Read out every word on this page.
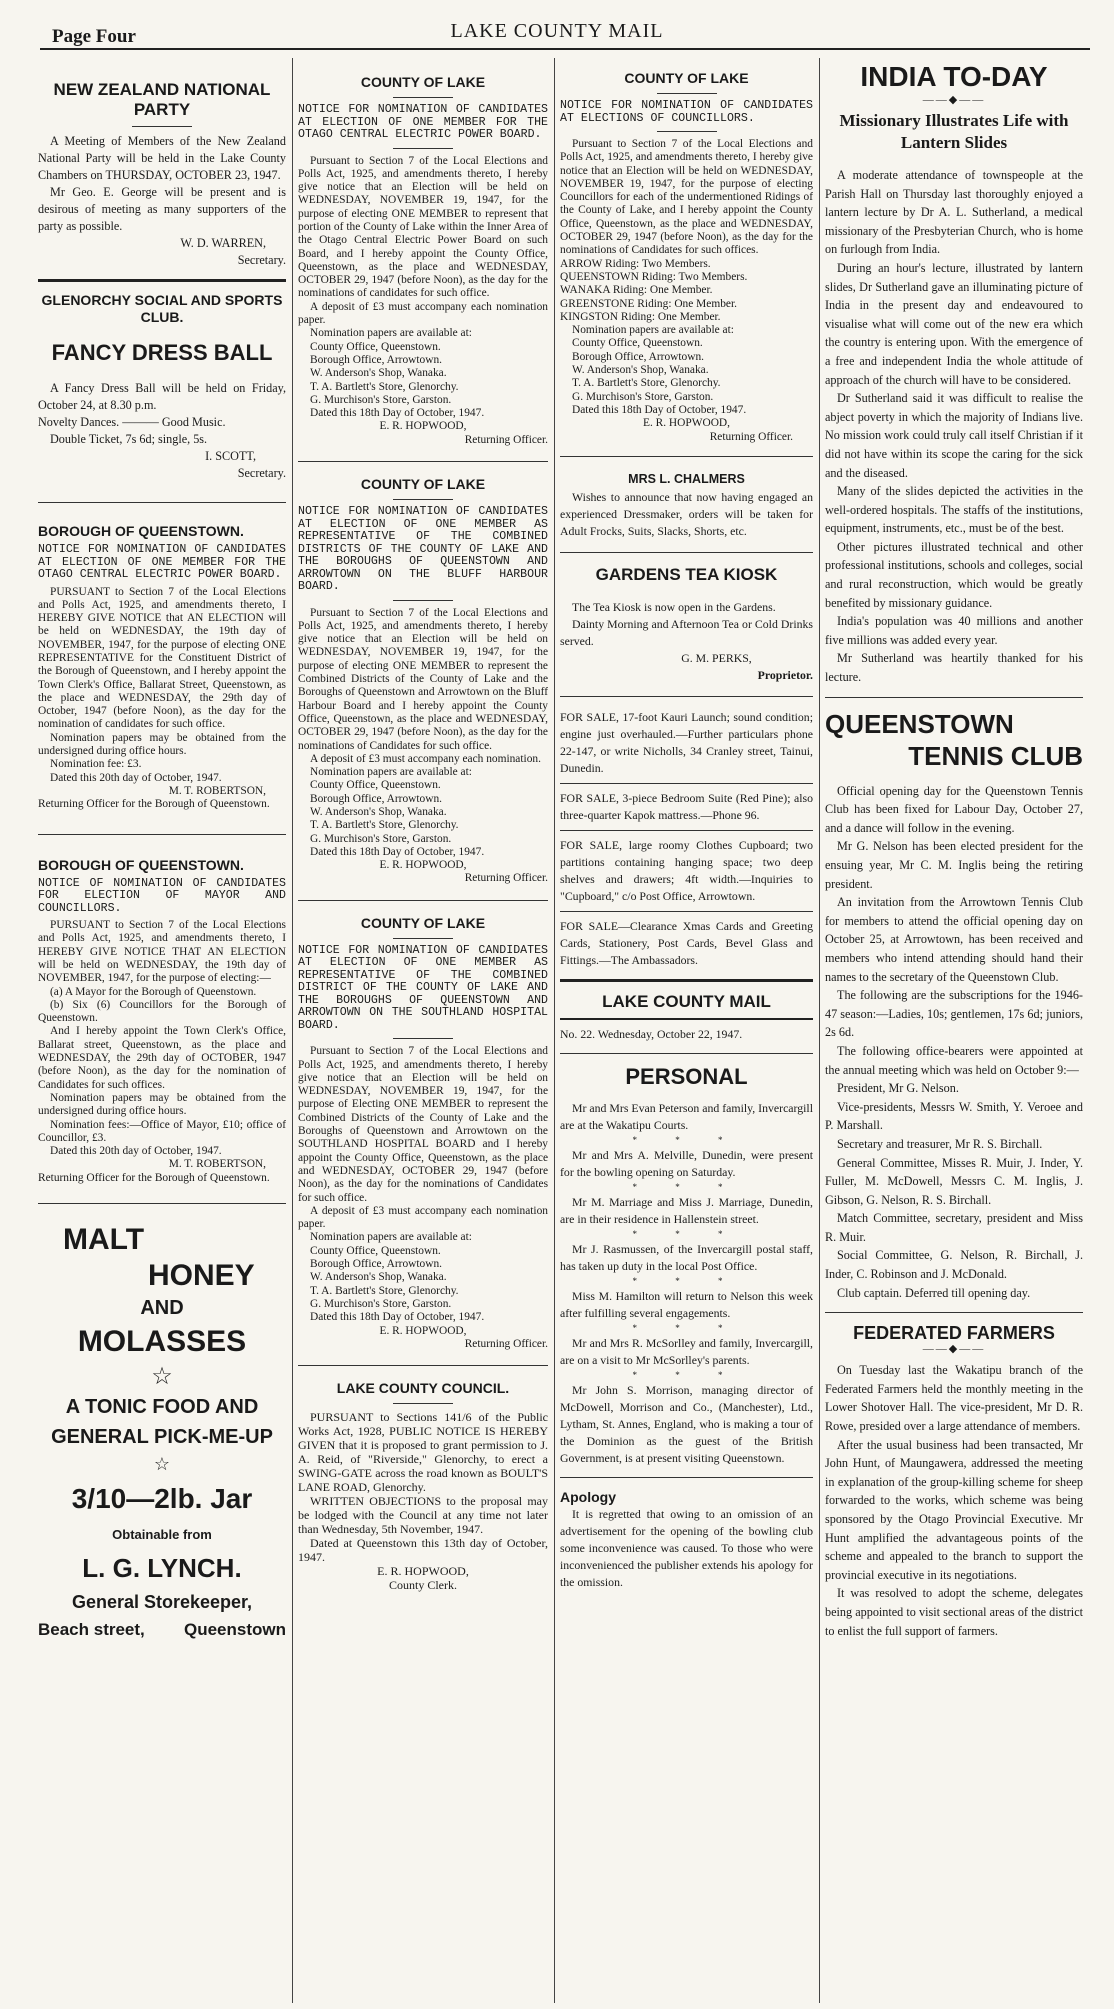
Page Four	LAKE COUNTY MAIL
NEW ZEALAND NATIONAL PARTY

A Meeting of Members of the New Zealand National Party will be held in the Lake County Chambers on THURSDAY, OCTOBER 23, 1947.

Mr Geo. E. George will be present and is desirous of meeting as many supporters of the party as possible.

W. D. WARREN,

Secretary.

GLENORCHY SOCIAL AND SPORTS CLUB.
FANCY DRESS BALL

A Fancy Dress Ball will be held on Friday, October 24, at 8.30 p.m.

Novelty Dances. ——— Good Music.

Double Ticket, 7s 6d; single, 5s.

I. SCOTT,

Secretary.

BOROUGH OF QUEENSTOWN.
NOTICE FOR NOMINATION OF CANDIDATES AT ELECTION OF ONE MEMBER FOR THE OTAGO CENTRAL ELECTRIC POWER BOARD.

PURSUANT to Section 7 of the Local Elections and Polls Act, 1925, and amendments thereto, I HEREBY GIVE NOTICE that AN ELECTION will be held on WEDNESDAY, the 19th day of NOVEMBER, 1947, for the purpose of electing ONE REPRESENTATIVE for the Constituent District of the Borough of Queenstown, and I hereby appoint the Town Clerk's Office, Ballarat Street, Queenstown, as the place and WEDNESDAY, the 29th day of October, 1947 (before Noon), as the day for the nomination of candidates for such office.

Nomination papers may be obtained from the undersigned during office hours.

Nomination fee: £3.

Dated this 20th day of October, 1947.

M. T. ROBERTSON,

Returning Officer for the Borough of Queenstown.

BOROUGH OF QUEENSTOWN.
NOTICE OF NOMINATION OF CANDIDATES FOR ELECTION OF MAYOR AND COUNCILLORS.

PURSUANT to Section 7 of the Local Elections and Polls Act, 1925, and amendments thereto, I HEREBY GIVE NOTICE THAT AN ELECTION will be held on WEDNESDAY, the 19th day of NOVEMBER, 1947, for the purpose of electing:—

(a) A Mayor for the Borough of Queenstown.

(b) Six (6) Councillors for the Borough of Queenstown.

And I hereby appoint the Town Clerk's Office, Ballarat street, Queenstown, as the place and WEDNESDAY, the 29th day of OCTOBER, 1947 (before Noon), as the day for the nomination of Candidates for such offices.

Nomination papers may be obtained from the undersigned during office hours.

Nomination fees:—Office of Mayor, £10; office of Councillor, £3.

Dated this 20th day of October, 1947.

M. T. ROBERTSON,

Returning Officer for the Borough of Queenstown.

MALT
HONEY
AND
MOLASSES
☆
A TONIC FOOD AND
GENERAL PICK-ME-UP
☆
3/10—2lb. Jar
Obtainable from
L. G. LYNCH.
General Storekeeper,
Beach street, Queenstown
COUNTY OF LAKE
NOTICE FOR NOMINATION OF CANDIDATES AT ELECTION OF ONE MEMBER FOR THE OTAGO CENTRAL ELECTRIC POWER BOARD.

Pursuant to Section 7 of the Local Elections and Polls Act, 1925, and amendments thereto, I hereby give notice that an Election will be held on WEDNESDAY, NOVEMBER 19, 1947, for the purpose of electing ONE MEMBER to represent that portion of the County of Lake within the Inner Area of the Otago Central Electric Power Board on such Board, and I hereby appoint the County Office, Queenstown, as the place and WEDNESDAY, OCTOBER 29, 1947 (before Noon), as the day for the nominations of candidates for such office.

A deposit of £3 must accompany each nomination paper.

Nomination papers are available at:

County Office, Queenstown.

Borough Office, Arrowtown.

W. Anderson's Shop, Wanaka.

T. A. Bartlett's Store, Glenorchy.

G. Murchison's Store, Garston.

Dated this 18th Day of October, 1947.

E. R. HOPWOOD,

Returning Officer.

COUNTY OF LAKE
NOTICE FOR NOMINATION OF CANDIDATES AT ELECTION OF ONE MEMBER AS REPRESENTATIVE OF THE COMBINED DISTRICTS OF THE COUNTY OF LAKE AND THE BOROUGHS OF QUEENSTOWN AND ARROWTOWN ON THE BLUFF HARBOUR BOARD.

Pursuant to Section 7 of the Local Elections and Polls Act, 1925, and amendments thereto, I hereby give notice that an Election will be held on WEDNESDAY, NOVEMBER 19, 1947, for the purpose of electing ONE MEMBER to represent the Combined Districts of the County of Lake and the Boroughs of Queenstown and Arrowtown on the Bluff Harbour Board and I hereby appoint the County Office, Queenstown, as the place and WEDNESDAY, OCTOBER 29, 1947 (before Noon), as the day for the nominations of Candidates for such office.

A deposit of £3 must accompany each nomination.

Nomination papers are available at:

County Office, Queenstown.

Borough Office, Arrowtown.

W. Anderson's Shop, Wanaka.

T. A. Bartlett's Store, Glenorchy.

G. Murchison's Store, Garston.

Dated this 18th Day of October, 1947.

E. R. HOPWOOD,

Returning Officer.

COUNTY OF LAKE
NOTICE FOR NOMINATION OF CANDIDATES AT ELECTION OF ONE MEMBER AS REPRESENTATIVE OF THE COMBINED DISTRICT OF THE COUNTY OF LAKE AND THE BOROUGHS OF QUEENSTOWN AND ARROWTOWN ON THE SOUTHLAND HOSPITAL BOARD.

Pursuant to Section 7 of the Local Elections and Polls Act, 1925, and amendments thereto, I hereby give notice that an Election will be held on WEDNESDAY, NOVEMBER 19, 1947, for the purpose of Electing ONE MEMBER to represent the Combined Districts of the County of Lake and the Boroughs of Queenstown and Arrowtown on the SOUTHLAND HOSPITAL BOARD and I hereby appoint the County Office, Queenstown, as the place and WEDNESDAY, OCTOBER 29, 1947 (before Noon), as the day for the nominations of Candidates for such office.

A deposit of £3 must accompany each nomination paper.

Nomination papers are available at:

County Office, Queenstown.

Borough Office, Arrowtown.

W. Anderson's Shop, Wanaka.

T. A. Bartlett's Store, Glenorchy.

G. Murchison's Store, Garston.

Dated this 18th Day of October, 1947.

E. R. HOPWOOD,

Returning Officer.

LAKE COUNTY COUNCIL.

PURSUANT to Sections 141/6 of the Public Works Act, 1928, PUBLIC NOTICE IS HEREBY GIVEN that it is proposed to grant permission to J. A. Reid, of "Riverside," Glenorchy, to erect a SWING-GATE across the road known as BOULT'S LANE ROAD, Glenorchy.

WRITTEN OBJECTIONS to the proposal may be lodged with the Council at any time not later than Wednesday, 5th November, 1947.

Dated at Queenstown this 13th day of October, 1947.

E. R. HOPWOOD,

County Clerk.

COUNTY OF LAKE
NOTICE FOR NOMINATION OF CANDIDATES AT ELECTIONS OF COUNCILLORS.

Pursuant to Section 7 of the Local Elections and Polls Act, 1925, and amendments thereto, I hereby give notice that an Election will be held on WEDNESDAY, NOVEMBER 19, 1947, for the purpose of electing Councillors for each of the undermentioned Ridings of the County of Lake, and I hereby appoint the County Office, Queenstown, as the place and WEDNESDAY, OCTOBER 29, 1947 (before Noon), as the day for the nominations of Candidates for such offices.

ARROW Riding: Two Members.

QUEENSTOWN Riding: Two Members.

WANAKA Riding: One Member.

GREENSTONE Riding: One Member.

KINGSTON Riding: One Member.

Nomination papers are available at:

County Office, Queenstown.

Borough Office, Arrowtown.

W. Anderson's Shop, Wanaka.

T. A. Bartlett's Store, Glenorchy.

G. Murchison's Store, Garston.

Dated this 18th Day of October, 1947.

E. R. HOPWOOD,

Returning Officer.

MRS L. CHALMERS

Wishes to announce that now having engaged an experienced Dressmaker, orders will be taken for Adult Frocks, Suits, Slacks, Shorts, etc.

GARDENS TEA KIOSK

The Tea Kiosk is now open in the Gardens.

Dainty Morning and Afternoon Tea or Cold Drinks served.

G. M. PERKS,

Proprietor.

FOR SALE, 17-foot Kauri Launch; sound condition; engine just overhauled.—Further particulars phone 22-147, or write Nicholls, 34 Cranley street, Tainui, Dunedin.

FOR SALE, 3-piece Bedroom Suite (Red Pine); also three-quarter Kapok mattress.—Phone 96.

FOR SALE, large roomy Clothes Cupboard; two partitions containing hanging space; two deep shelves and drawers; 4ft width.—Inquiries to "Cupboard," c/o Post Office, Arrowtown.

FOR SALE—Clearance Xmas Cards and Greeting Cards, Stationery, Post Cards, Bevel Glass and Fittings.—The Ambassadors.

LAKE COUNTY MAIL

No. 22. Wednesday, October 22, 1947.

PERSONAL

Mr and Mrs Evan Peterson and family, Invercargill are at the Wakatipu Courts.

* * *

Mr and Mrs A. Melville, Dunedin, were present for the bowling opening on Saturday.

* * *

Mr M. Marriage and Miss J. Marriage, Dunedin, are in their residence in Hallenstein street.

* * *

Mr J. Rasmussen, of the Invercargill postal staff, has taken up duty in the local Post Office.

* * *

Miss M. Hamilton will return to Nelson this week after fulfilling several engagements.

* * *

Mr and Mrs R. McSorlley and family, Invercargill, are on a visit to Mr McSorlley's parents.

* * *

Mr John S. Morrison, managing director of McDowell, Morrison and Co., (Manchester), Ltd., Lytham, St. Annes, England, who is making a tour of the Dominion as the guest of the British Government, is at present visiting Queenstown.

Apology

It is regretted that owing to an omission of an advertisement for the opening of the bowling club some inconvenience was caused. To those who were inconvenienced the publisher extends his apology for the omission.

INDIA TO-DAY
——◆——
Missionary Illustrates Life with Lantern Slides

A moderate attendance of townspeople at the Parish Hall on Thursday last thoroughly enjoyed a lantern lecture by Dr A. L. Sutherland, a medical missionary of the Presbyterian Church, who is home on furlough from India.

During an hour's lecture, illustrated by lantern slides, Dr Sutherland gave an illuminating picture of India in the present day and endeavoured to visualise what will come out of the new era which the country is entering upon. With the emergence of a free and independent India the whole attitude of approach of the church will have to be considered.

Dr Sutherland said it was difficult to realise the abject poverty in which the majority of Indians live. No mission work could truly call itself Christian if it did not have within its scope the caring for the sick and the diseased.

Many of the slides depicted the activities in the well-ordered hospitals. The staffs of the institutions, equipment, instruments, etc., must be of the best.

Other pictures illustrated technical and other professional institutions, schools and colleges, social and rural reconstruction, which would be greatly benefited by missionary guidance.

India's population was 40 millions and another five millions was added every year.

Mr Sutherland was heartily thanked for his lecture.

QUEENSTOWN
TENNIS CLUB

Official opening day for the Queenstown Tennis Club has been fixed for Labour Day, October 27, and a dance will follow in the evening.

Mr G. Nelson has been elected president for the ensuing year, Mr C. M. Inglis being the retiring president.

An invitation from the Arrowtown Tennis Club for members to attend the official opening day on October 25, at Arrowtown, has been received and members who intend attending should hand their names to the secretary of the Queenstown Club.

The following are the subscriptions for the 1946-47 season:—Ladies, 10s; gentlemen, 17s 6d; juniors, 2s 6d.

The following office-bearers were appointed at the annual meeting which was held on October 9:—

President, Mr G. Nelson.

Vice-presidents, Messrs W. Smith, Y. Veroee and P. Marshall.

Secretary and treasurer, Mr R. S. Birchall.

General Committee, Misses R. Muir, J. Inder, Y. Fuller, M. McDowell, Messrs C. M. Inglis, J. Gibson, G. Nelson, R. S. Birchall.

Match Committee, secretary, president and Miss R. Muir.

Social Committee, G. Nelson, R. Birchall, J. Inder, C. Robinson and J. McDonald.

Club captain. Deferred till opening day.

FEDERATED FARMERS
——◆——

On Tuesday last the Wakatipu branch of the Federated Farmers held the monthly meeting in the Lower Shotover Hall. The vice-president, Mr D. R. Rowe, presided over a large attendance of members.

After the usual business had been transacted, Mr John Hunt, of Maungawera, addressed the meeting in explanation of the group-killing scheme for sheep forwarded to the works, which scheme was being sponsored by the Otago Provincial Executive. Mr Hunt amplified the advantageous points of the scheme and appealed to the branch to support the provincial executive in its negotiations.

It was resolved to adopt the scheme, delegates being appointed to visit sectional areas of the district to enlist the full support of farmers.
